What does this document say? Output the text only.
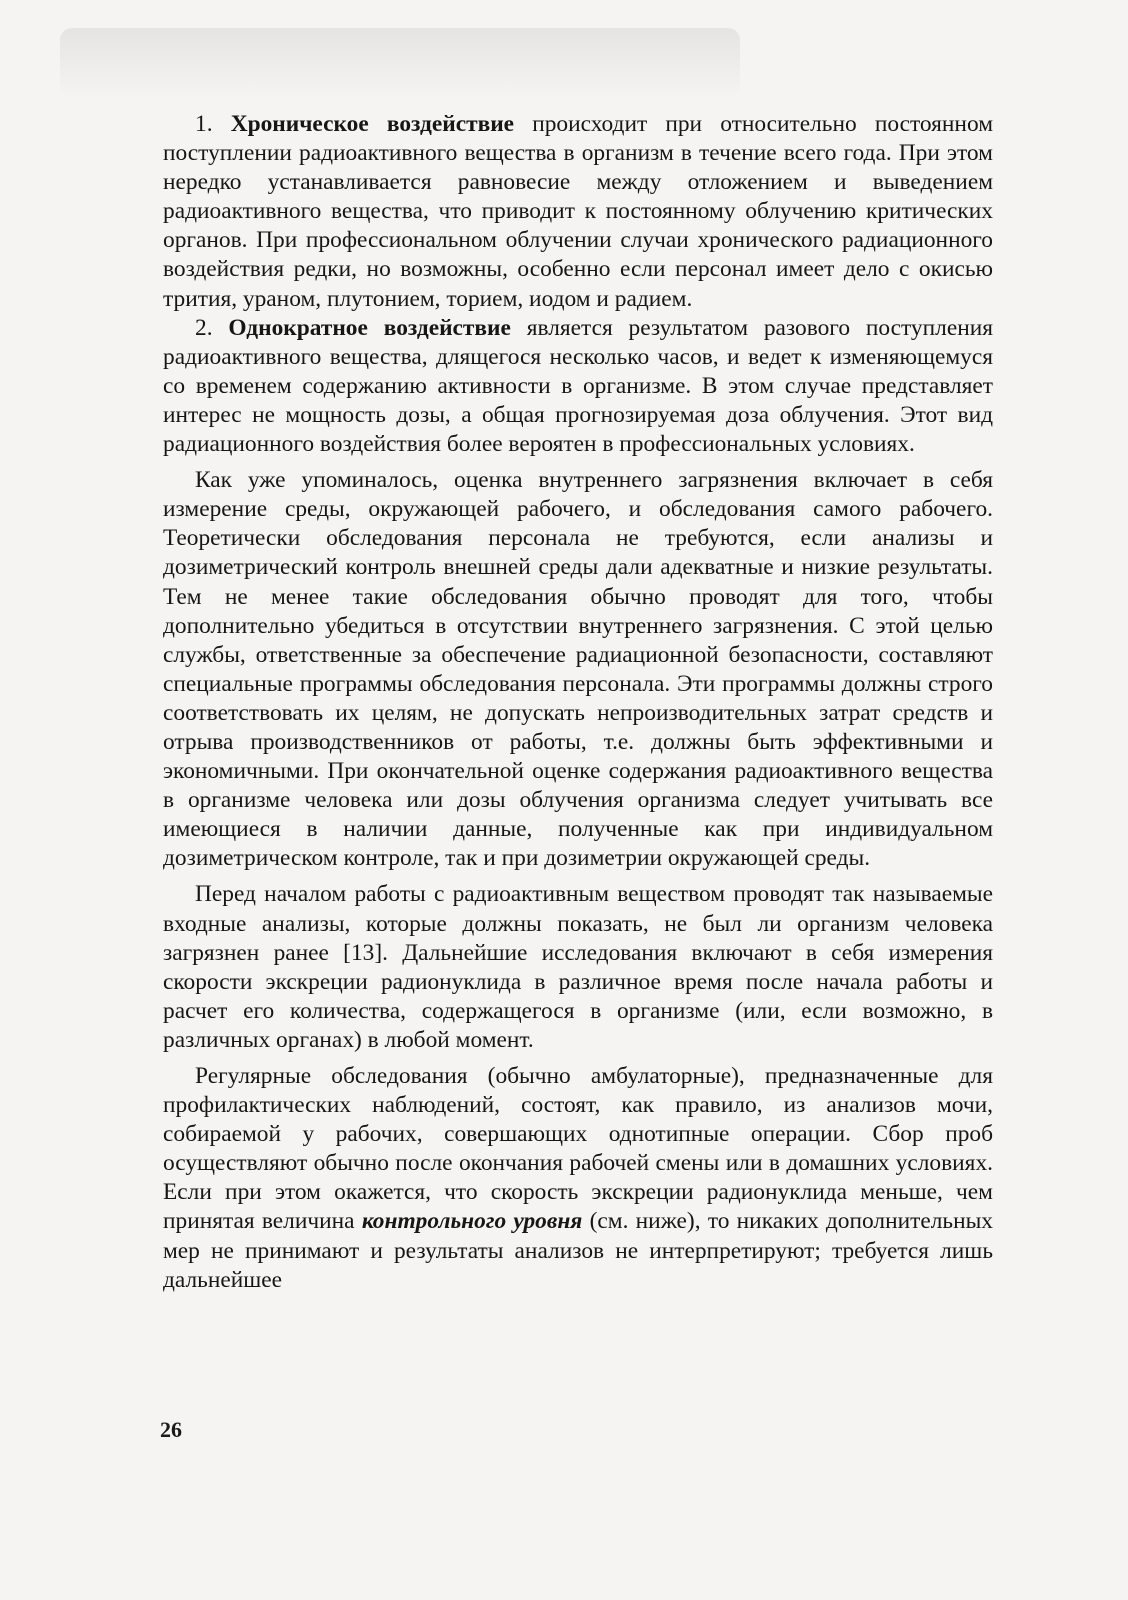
1. Хроническое воздействие происходит при относительно постоянном поступлении радиоактивного вещества в организм в течение всего года. При этом нередко устанавливается равновесие между отложением и выведением радиоактивного вещества, что приводит к постоянному облучению критических органов. При профессиональном облучении случаи хронического радиационного воздействия редки, но возможны, особенно если персонал имеет дело с окисью трития, ураном, плутонием, торием, иодом и радием.

2. Однократное воздействие является результатом разового поступления радиоактивного вещества, длящегося несколько часов, и ведет к изменяющемуся со временем содержанию активности в организме. В этом случае представляет интерес не мощность дозы, а общая прогнозируемая доза облучения. Этот вид радиационного воздействия более вероятен в профессиональных условиях.

Как уже упоминалось, оценка внутреннего загрязнения включает в себя измерение среды, окружающей рабочего, и обследования самого рабочего. Теоретически обследования персонала не требуются, если анализы и дозиметрический контроль внешней среды дали адекватные и низкие результаты. Тем не менее такие обследования обычно проводят для того, чтобы дополнительно убедиться в отсутствии внутреннего загрязнения. С этой целью службы, ответственные за обеспечение радиационной безопасности, составляют специальные программы обследования персонала. Эти программы должны строго соответствовать их целям, не допускать непроизводительных затрат средств и отрыва производственников от работы, т.е. должны быть эффективными и экономичными. При окончательной оценке содержания радиоактивного вещества в организме человека или дозы облучения организма следует учитывать все имеющиеся в наличии данные, полученные как при индивидуальном дозиметрическом контроле, так и при дозиметрии окружающей среды.

Перед началом работы с радиоактивным веществом проводят так называемые входные анализы, которые должны показать, не был ли организм человека загрязнен ранее [13]. Дальнейшие исследования включают в себя измерения скорости экскреции радионуклида в различное время после начала работы и расчет его количества, содержащегося в организме (или, если возможно, в различных органах) в любой момент.

Регулярные обследования (обычно амбулаторные), предназначенные для профилактических наблюдений, состоят, как правило, из анализов мочи, собираемой у рабочих, совершающих однотипные операции. Сбор проб осуществляют обычно после окончания рабочей смены или в домашних условиях. Если при этом окажется, что скорость экскреции радионуклида меньше, чем принятая величина контрольного уровня (см. ниже), то никаких дополнительных мер не принимают и результаты анализов не интерпретируют; требуется лишь дальнейшее

26
